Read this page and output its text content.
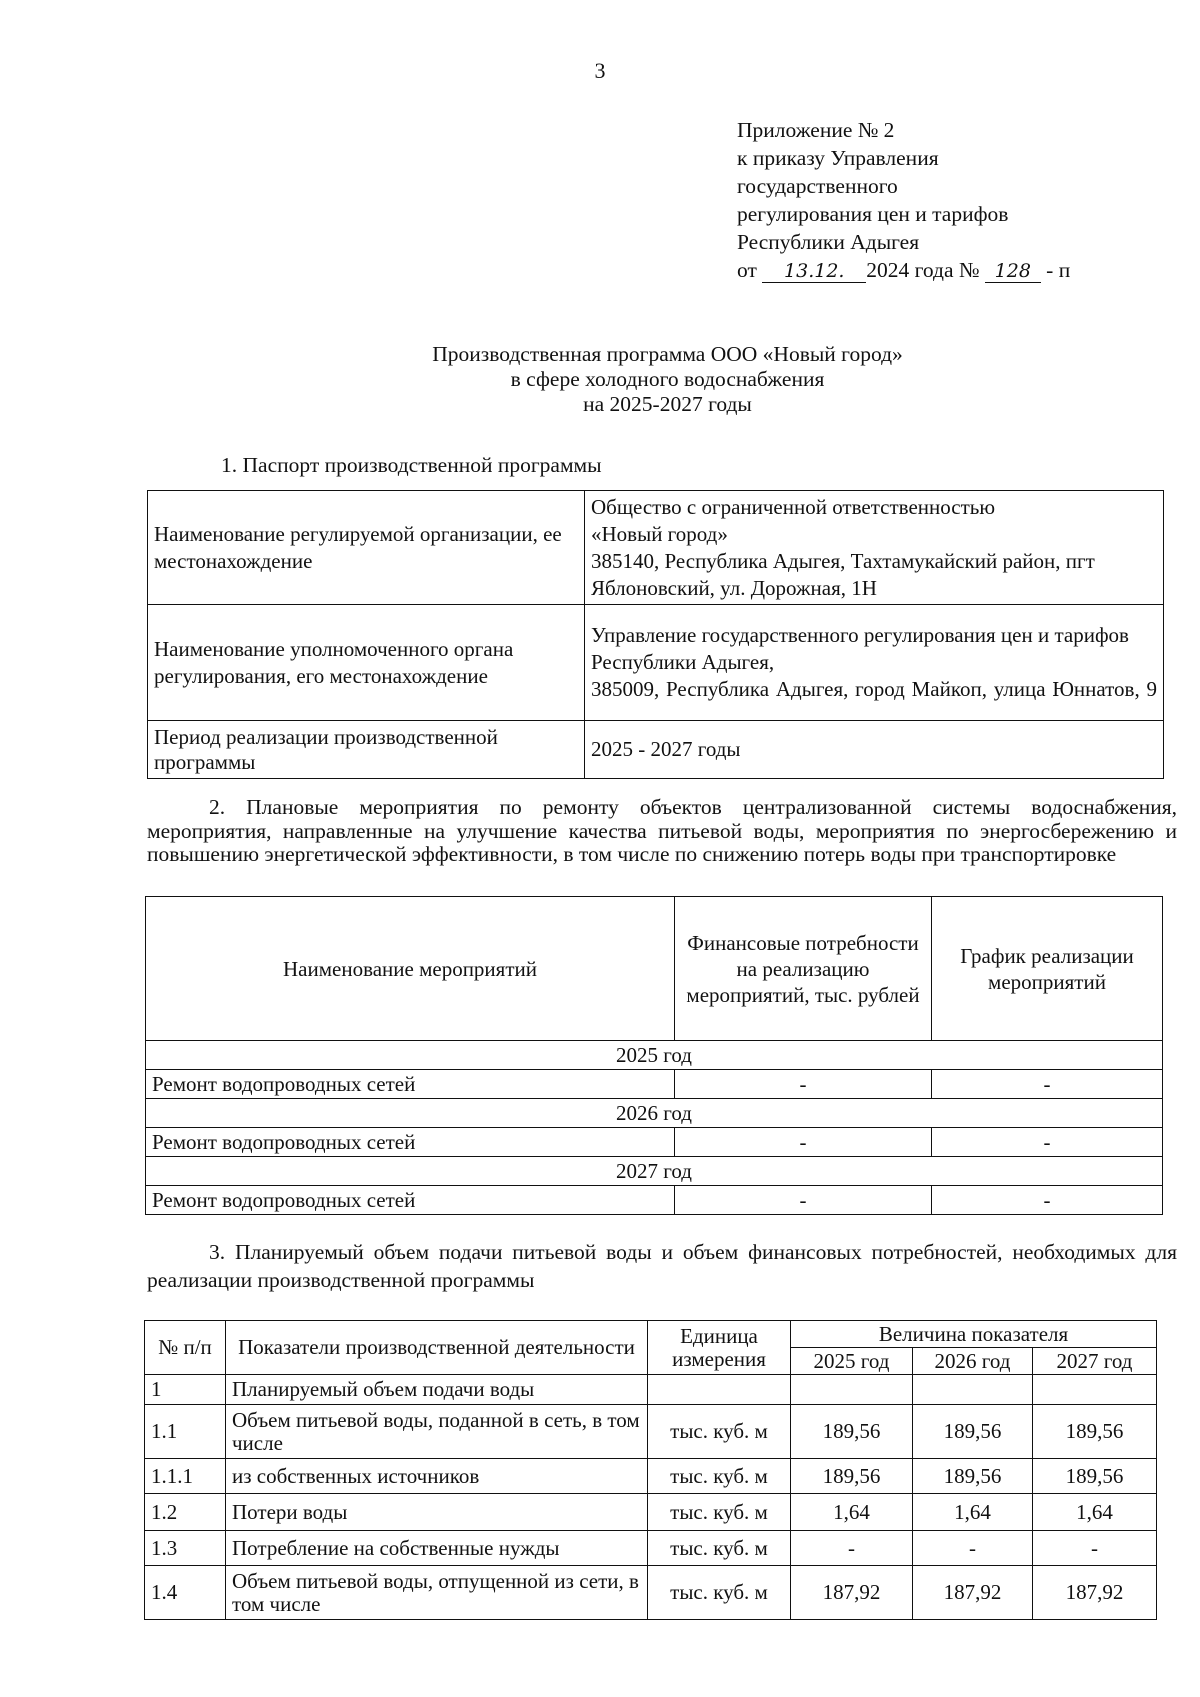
3
Приложение № 2
к приказу Управления
государственного
регулирования цен и тарифов
Республики Адыгея
от 13.12. 2024 года № 128 - п
Производственная программа ООО «Новый город»
в сфере холодного водоснабжения
на 2025-2027 годы
1. Паспорт производственной программы
Наименование регулируемой организации, ее местонахождение	Общество с ограниченной ответственностью
«Новый город»
385140, Республика Адыгея, Тахтамукайский район, пгт Яблоновский, ул. Дорожная, 1Н

Наименование уполномоченного органа регулирования, его местонахождение	Управление государственного регулирования цен и тарифов Республики Адыгея,
385009, Республика Адыгея, город Майкоп, улица Юннатов, 9

Период реализации производственной программы	2025 - 2027 годы
2. Плановые мероприятия по ремонту объектов централизованной системы водоснабжения, мероприятия, направленные на улучшение качества питьевой воды, мероприятия по энергосбережению и повышению энергетической эффективности, в том числе по снижению потерь воды при транспортировке
Наименование мероприятий	Финансовые потребности на реализацию мероприятий, тыс. рублей	График реализации мероприятий
2025 год		
Ремонт водопроводных сетей	-	-
2026 год		
Ремонт водопроводных сетей	-	-
2027 год		
Ремонт водопроводных сетей	-	-
3. Планируемый объем подачи питьевой воды и объем финансовых потребностей, необходимых для реализации производственной программы
№ п/п	Показатели производственной деятельности	Единица измерения	Величина показателя		
			2025 год	2026 год	2027 год
1	Планируемый объем подачи воды				
1.1	Объем питьевой воды, поданной в сеть, в том числе	тыс. куб. м	189,56	189,56	189,56
1.1.1	из собственных источников	тыс. куб. м	189,56	189,56	189,56
1.2	Потери воды	тыс. куб. м	1,64	1,64	1,64
1.3	Потребление на собственные нужды	тыс. куб. м	-	-	-
1.4	Объем питьевой воды, отпущенной из сети, в том числе	тыс. куб. м	187,92	187,92	187,92
